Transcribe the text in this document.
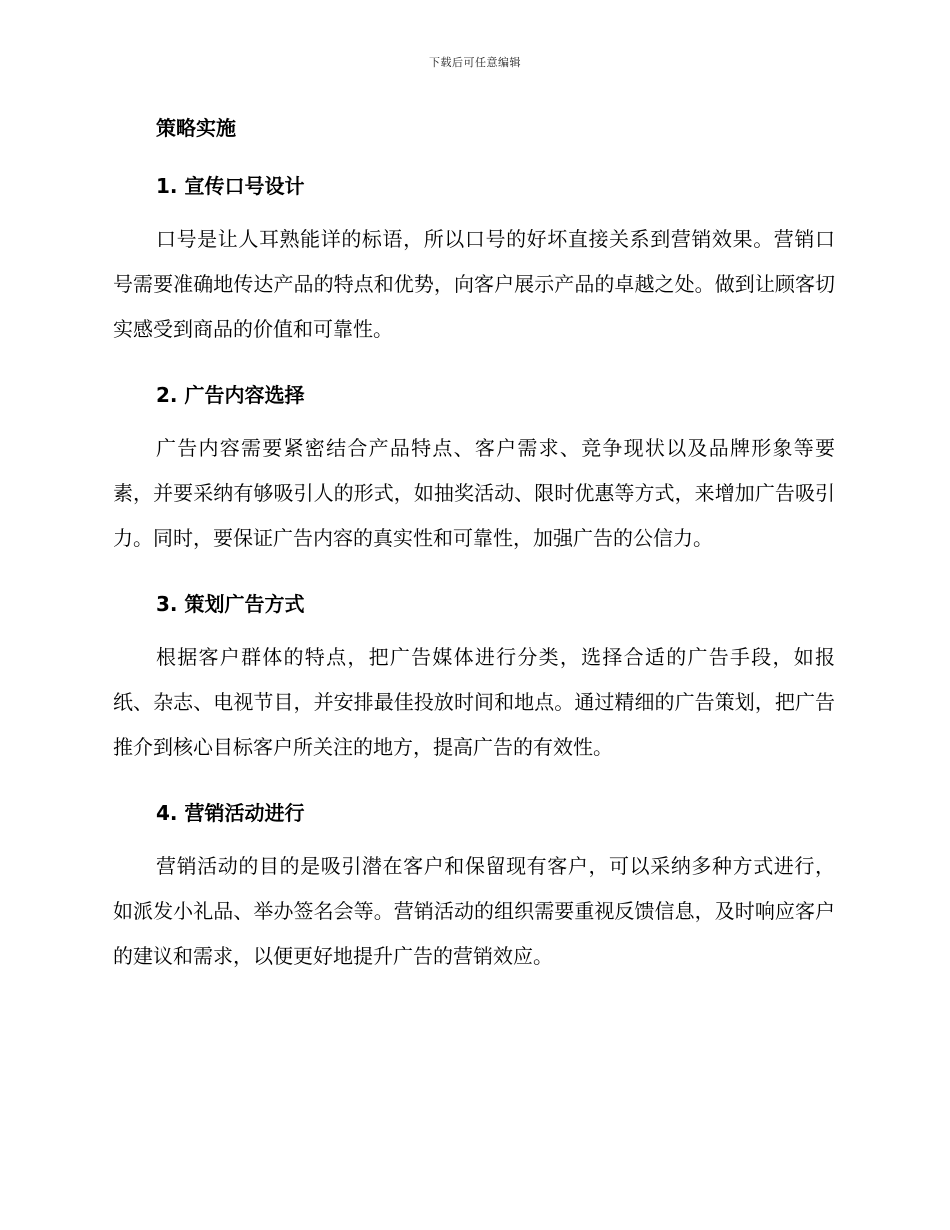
下载后可任意编辑
策略实施
1. 宣传口号设计

口号是让人耳熟能详的标语，所以口号的好坏直接关系到营销效果。营销口号需要准确地传达产品的特点和优势，向客户展示产品的卓越之处。做到让顾客切实感受到商品的价值和可靠性。

2. 广告内容选择

广告内容需要紧密结合产品特点、客户需求、竞争现状以及品牌形象等要素，并要采纳有够吸引人的形式，如抽奖活动、限时优惠等方式，来增加广告吸引力。同时，要保证广告内容的真实性和可靠性，加强广告的公信力。

3. 策划广告方式

根据客户群体的特点，把广告媒体进行分类，选择合适的广告手段，如报纸、杂志、电视节目，并安排最佳投放时间和地点。通过精细的广告策划，把广告推介到核心目标客户所关注的地方，提高广告的有效性。

4. 营销活动进行

营销活动的目的是吸引潜在客户和保留现有客户，可以采纳多种方式进行，如派发小礼品、举办签名会等。营销活动的组织需要重视反馈信息，及时响应客户的建议和需求，以便更好地提升广告的营销效应。
